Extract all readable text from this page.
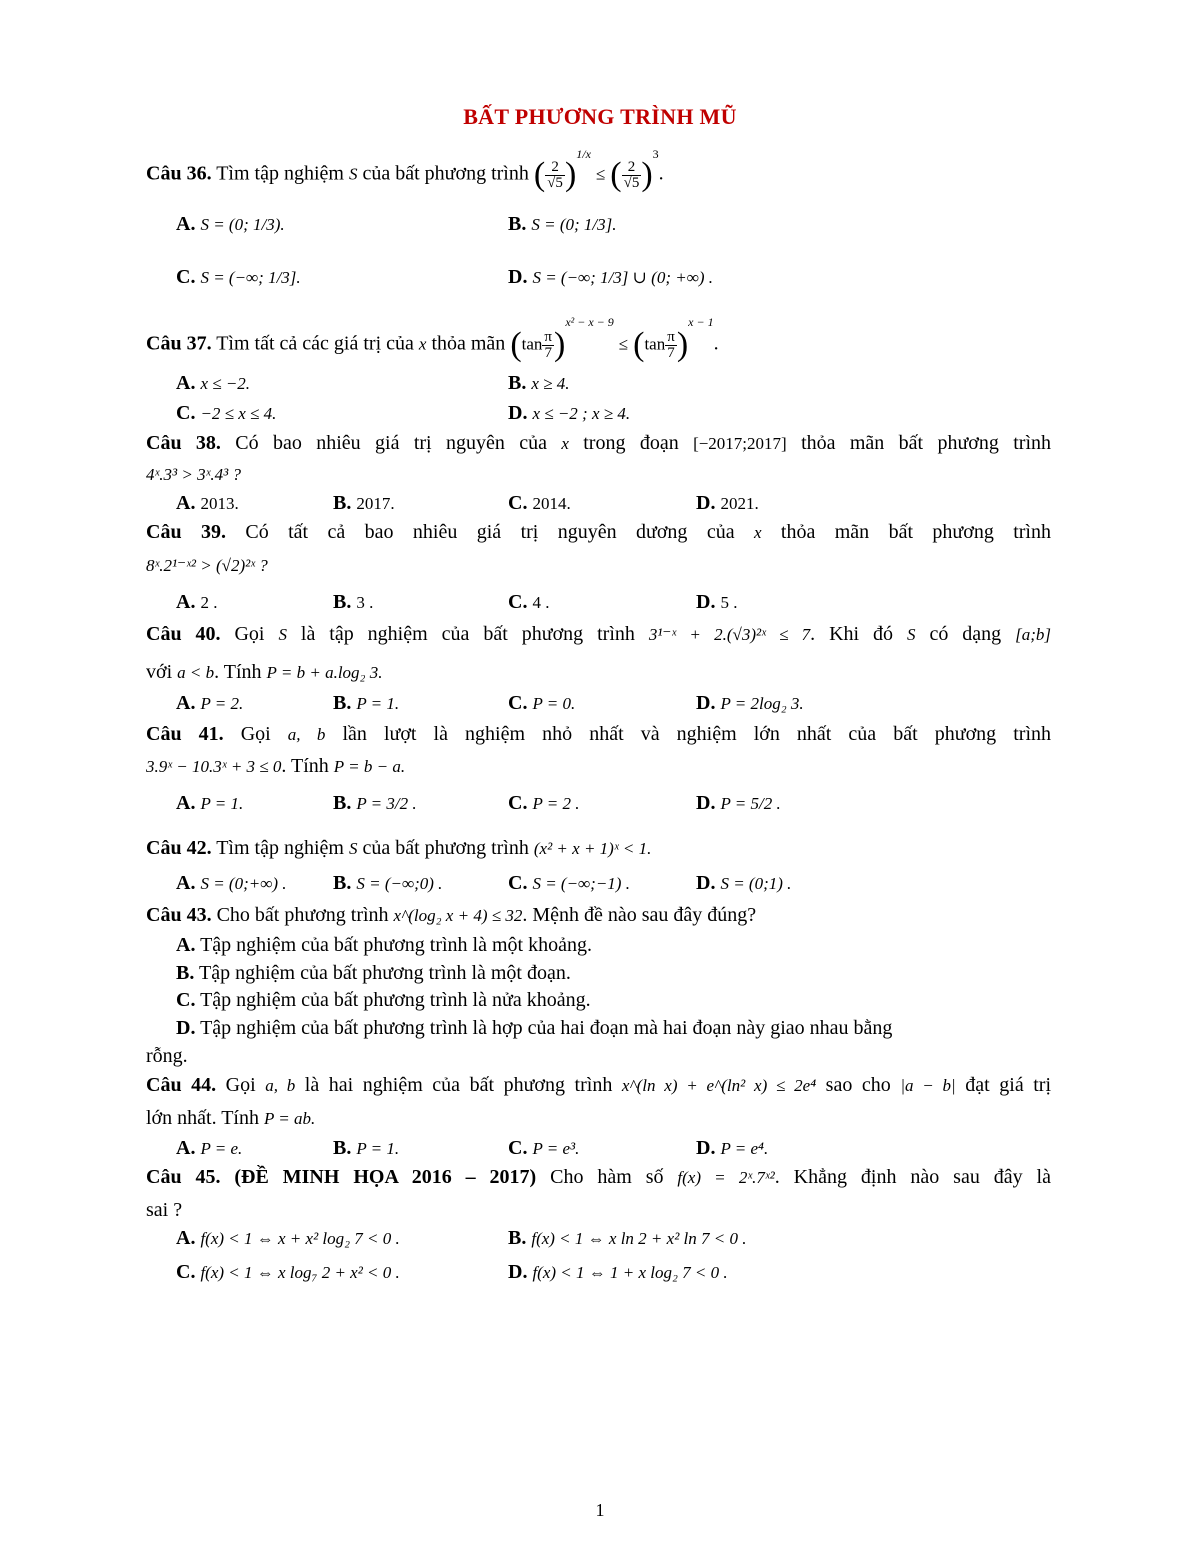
BẤT PHƯƠNG TRÌNH MŨ
Câu 36. Tìm tập nghiệm S của bất phương trình ( $\frac{2}{√5} )^{1/x}$ ≤ ( $\frac{2}{√5} )^3$.
A. S = (0; 1/3).	B. S = (0; 1/3].
C. S = (−∞; 1/3].	D. S = (−∞; 1/3] ∪ (0; +∞) .
Câu 37. Tìm tất cả các giá trị của x thỏa mãn $(\tan \frac{\pi}{7} )^{x^2 - x - 9} \le (\tan \frac{\pi}{7} )^{x - 1}$.
A. x ≤ −2.	B. x ≥ 4.
C. −2 ≤ x ≤ 4.	D. x ≤ −2 ; x ≥ 4.
Câu 38. Có bao nhiêu giá trị nguyên của x trong đoạn [−2017;2017] thỏa mãn bất phương trình
4ˣ.3³ > 3ˣ.4³ ?
A. 2013.	B. 2017.	C. 2014.	D. 2021.
Câu 39. Có tất cả bao nhiêu giá trị nguyên dương của x thỏa mãn bất phương trình
8ˣ.2¹⁻ˣ² > (√2)²ˣ ?
A. 2 .	B. 3 .	C. 4 .	D. 5 .
Câu 40. Gọi S là tập nghiệm của bất phương trình 3¹⁻ˣ + 2.(√3)²ˣ ≤ 7. Khi đó S có dạng [a;b]
với a < b. Tính P = b + a.log₂ 3.
A. P = 2.	B. P = 1.	C. P = 0.	D. P = 2log₂ 3.
Câu 41. Gọi a, b lần lượt là nghiệm nhỏ nhất và nghiệm lớn nhất của bất phương trình
3.9ˣ − 10.3ˣ + 3 ≤ 0. Tính P = b − a.
A. P = 1.	B. P = 3/2 .	C. P = 2 .	D. P = 5/2 .
Câu 42. Tìm tập nghiệm S của bất phương trình (x² + x + 1)ˣ < 1.
A. S = (0;+∞) . B. S = (−∞;0) .	C. S = (−∞;−1) .	D. S = (0;1) .
Câu 43. Cho bất phương trình x^(log₂ x + 4) ≤ 32. Mệnh đề nào sau đây đúng?
A. Tập nghiệm của bất phương trình là một khoảng.
B. Tập nghiệm của bất phương trình là một đoạn.
C. Tập nghiệm của bất phương trình là nửa khoảng.
D. Tập nghiệm của bất phương trình là hợp của hai đoạn mà hai đoạn này giao nhau bằng
rỗng.
Câu 44. Gọi a, b là hai nghiệm của bất phương trình x^(ln x) + e^(ln² x) ≤ 2e⁴ sao cho |a − b| đạt giá trị
lớn nhất. Tính P = ab.
A. P = e.	B. P = 1.	C. P = e³.	D. P = e⁴.
Câu 45. (ĐỀ MINH HỌA 2016 – 2017) Cho hàm số f(x) = 2ˣ.7ˣ². Khẳng định nào sau đây là
sai ?
A. f(x) < 1 ⇔ x + x² log₂ 7 < 0 .	B. f(x) < 1 ⇔ x ln 2 + x² ln 7 < 0 .
C. f(x) < 1 ⇔ x log₇ 2 + x² < 0 .	D. f(x) < 1 ⇔ 1 + x log₂ 7 < 0 .
1
